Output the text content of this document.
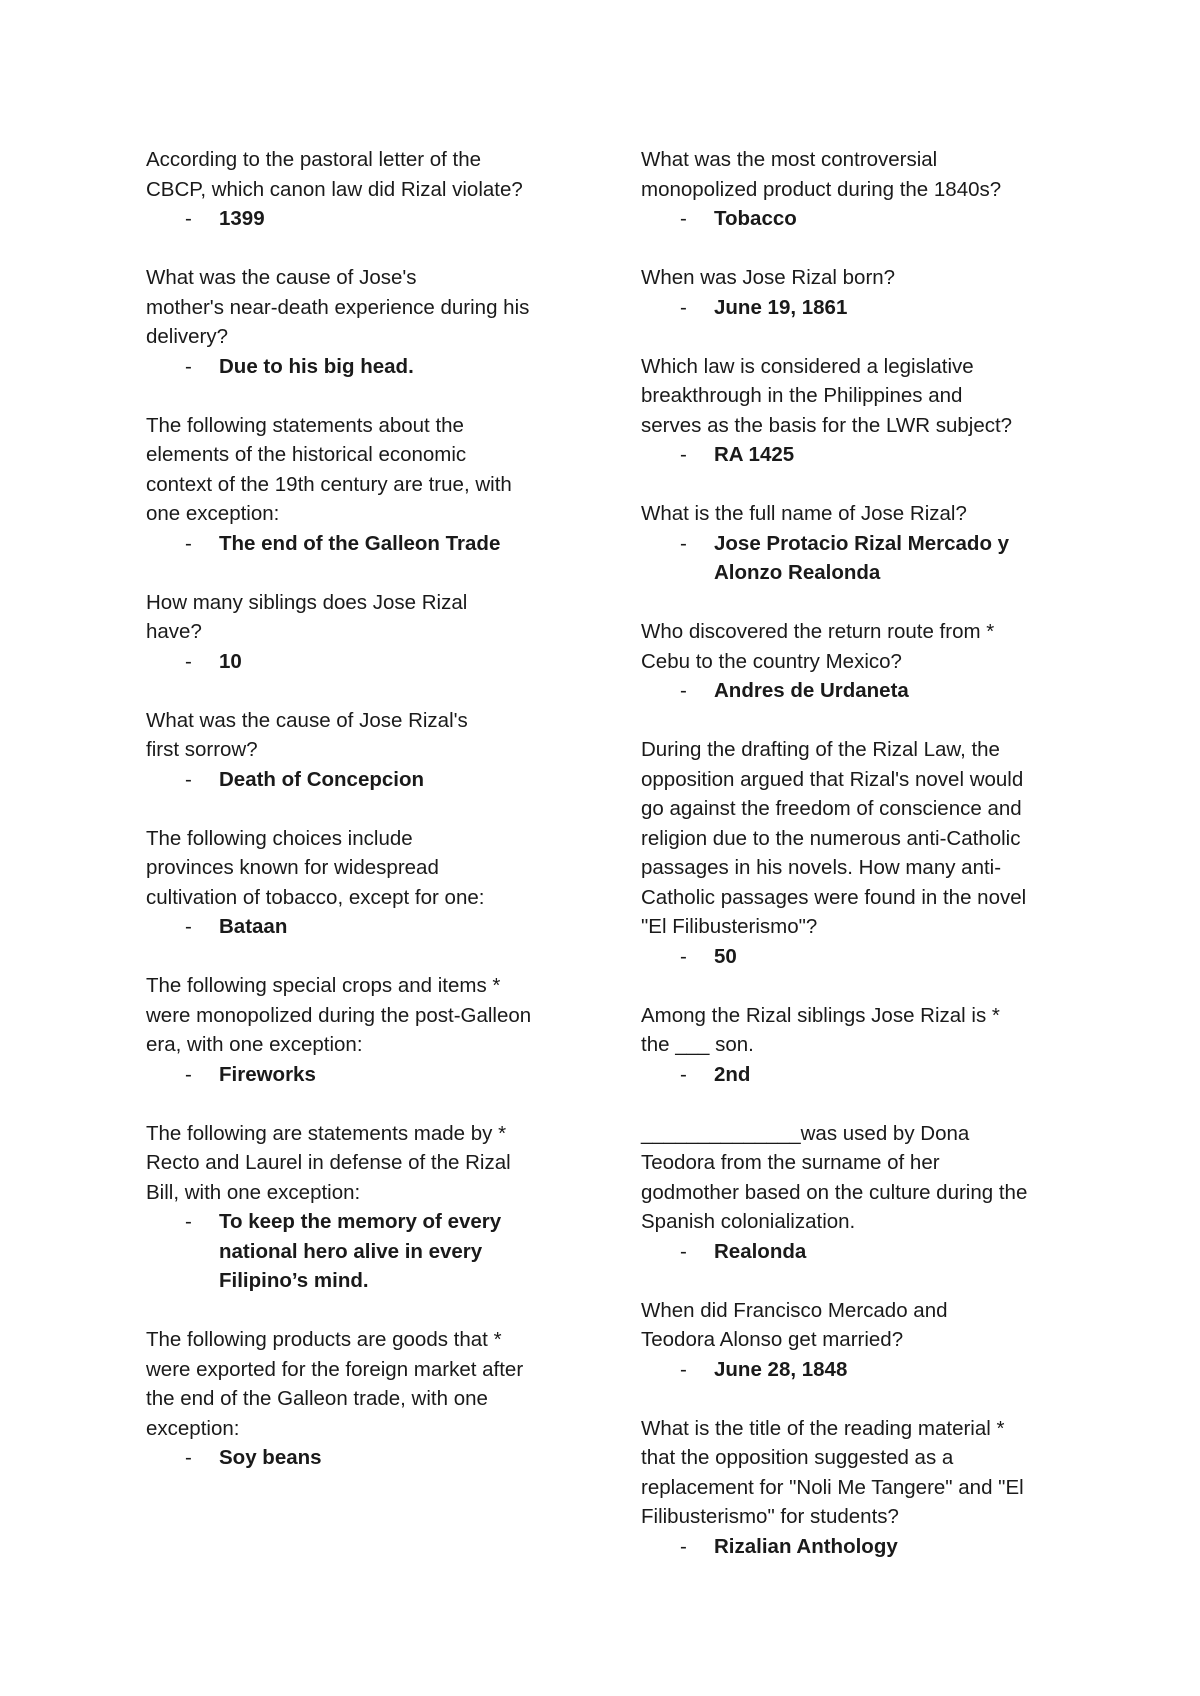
According to the pastoral letter of the
CBCP, which canon law did Rizal violate?

- 1399

What was the cause of Jose's
mother's near-death experience during his
delivery?

- Due to his big head.

The following statements about the
elements of the historical economic
context of the 19th century are true, with
one exception:

- The end of the Galleon Trade

How many siblings does Jose Rizal
have?

- 10

What was the cause of Jose Rizal's
first sorrow?

- Death of Concepcion

The following choices include
provinces known for widespread
cultivation of tobacco, except for one:

- Bataan

The following special crops and items *
were monopolized during the post-Galleon
era, with one exception:

- Fireworks

The following are statements made by *
Recto and Laurel in defense of the Rizal
Bill, with one exception:

- To keep the memory of every
national hero alive in every
Filipino’s mind.

The following products are goods that *
were exported for the foreign market after
the end of the Galleon trade, with one
exception:

- Soy beans

What was the most controversial
monopolized product during the 1840s?

- Tobacco

When was Jose Rizal born?

- June 19, 1861

Which law is considered a legislative
breakthrough in the Philippines and
serves as the basis for the LWR subject?

- RA 1425

What is the full name of Jose Rizal?

- Jose Protacio Rizal Mercado y
Alonzo Realonda

Who discovered the return route from *
Cebu to the country Mexico?

- Andres de Urdaneta

During the drafting of the Rizal Law, the
opposition argued that Rizal's novel would
go against the freedom of conscience and
religion due to the numerous anti-Catholic
passages in his novels. How many anti-
Catholic passages were found in the novel
"El Filibusterismo"?

- 50

Among the Rizal siblings Jose Rizal is *
the ___ son.

- 2nd

______________was used by Dona
Teodora from the surname of her
godmother based on the culture during the
Spanish colonialization.

- Realonda

When did Francisco Mercado and
Teodora Alonso get married?

- June 28, 1848

What is the title of the reading material *
that the opposition suggested as a
replacement for "Noli Me Tangere" and "El
Filibusterismo" for students?

- Rizalian Anthology
